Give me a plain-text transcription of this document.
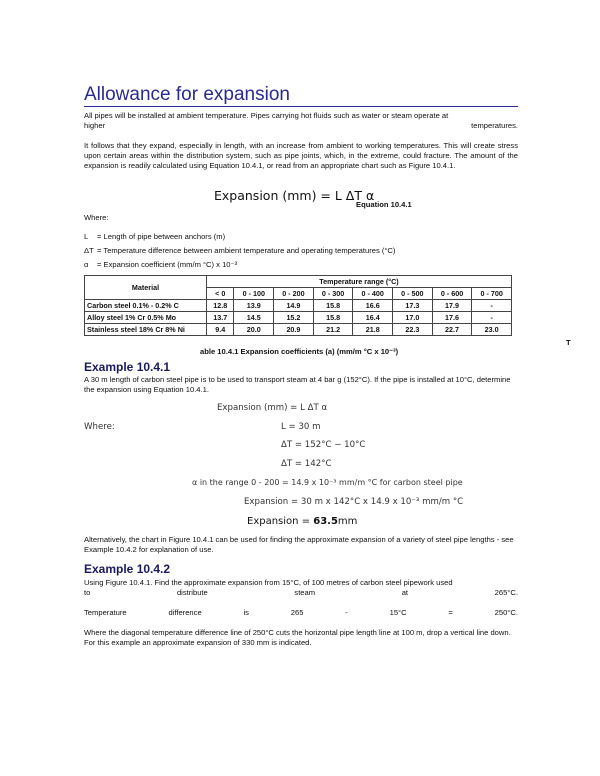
Allowance for expansion
All pipes will be installed at ambient temperature. Pipes carrying hot fluids such as water or steam operate at
higher	temperatures.
It follows that they expand, especially in length, with an increase from ambient to working temperatures. This will create stress upon certain areas within the distribution system, such as pipe joints, which, in the extreme, could fracture. The amount of the expansion is readily calculated using Equation 10.4.1, or read from an appropriate chart such as Figure 10.4.1.
Expansion (mm) = L ΔT α
Equation 10.4.1
Where:
L	= Length of pipe between anchors (m)
ΔT = Temperature difference between ambient temperature and operating temperatures (°C)
α	= Expansion coefficient (mm/m °C) x 10⁻³
Material	Temperature range (°C)							
	< 0	0 - 100	0 - 200	0 - 300	0 - 400	0 - 500	0 - 600	0 - 700
Carbon steel 0.1% - 0.2% C	12.8	13.9	14.9	15.8	16.6	17.3	17.9	-
Alloy steel 1% Cr 0.5% Mo	13.7	14.5	15.2	15.8	16.4	17.0	17.6	-
Stainless steel 18% Cr 8% Ni	9.4	20.0	20.9	21.2	21.8	22.3	22.7	23.0
able 10.4.1 Expansion coefficients (a) (mm/m °C x 10⁻³)
T
Example 10.4.1
A 30 m length of carbon steel pipe is to be used to transport steam at 4 bar g (152°C). If the pipe is installed at 10°C, determine the expansion using Equation 10.4.1.
Where:
Expansion (mm) = L ΔT α
L = 30 m
ΔT = 152°C − 10°C
ΔT = 142°C
α in the range 0 - 200 = 14.9 x 10⁻³ mm/m °C for carbon steel pipe
Expansion = 30 m x 142°C x 14.9 x 10⁻³ mm/m °C
Expansion = 63.5mm
Alternatively, the chart in Figure 10.4.1 can be used for finding the approximate expansion of a variety of steel pipe lengths - see Example 10.4.2 for explanation of use.
Example 10.4.2
Using Figure 10.4.1. Find the approximate expansion from 15°C, of 100 metres of carbon steel pipework used
to	distribute	steam	at	265°C.
Temperature	difference	is	265	-	15°C	=	250°C.
Where the diagonal temperature difference line of 250°C cuts the horizontal pipe length line at 100 m, drop a vertical line down. For this example an approximate expansion of 330 mm is indicated.
